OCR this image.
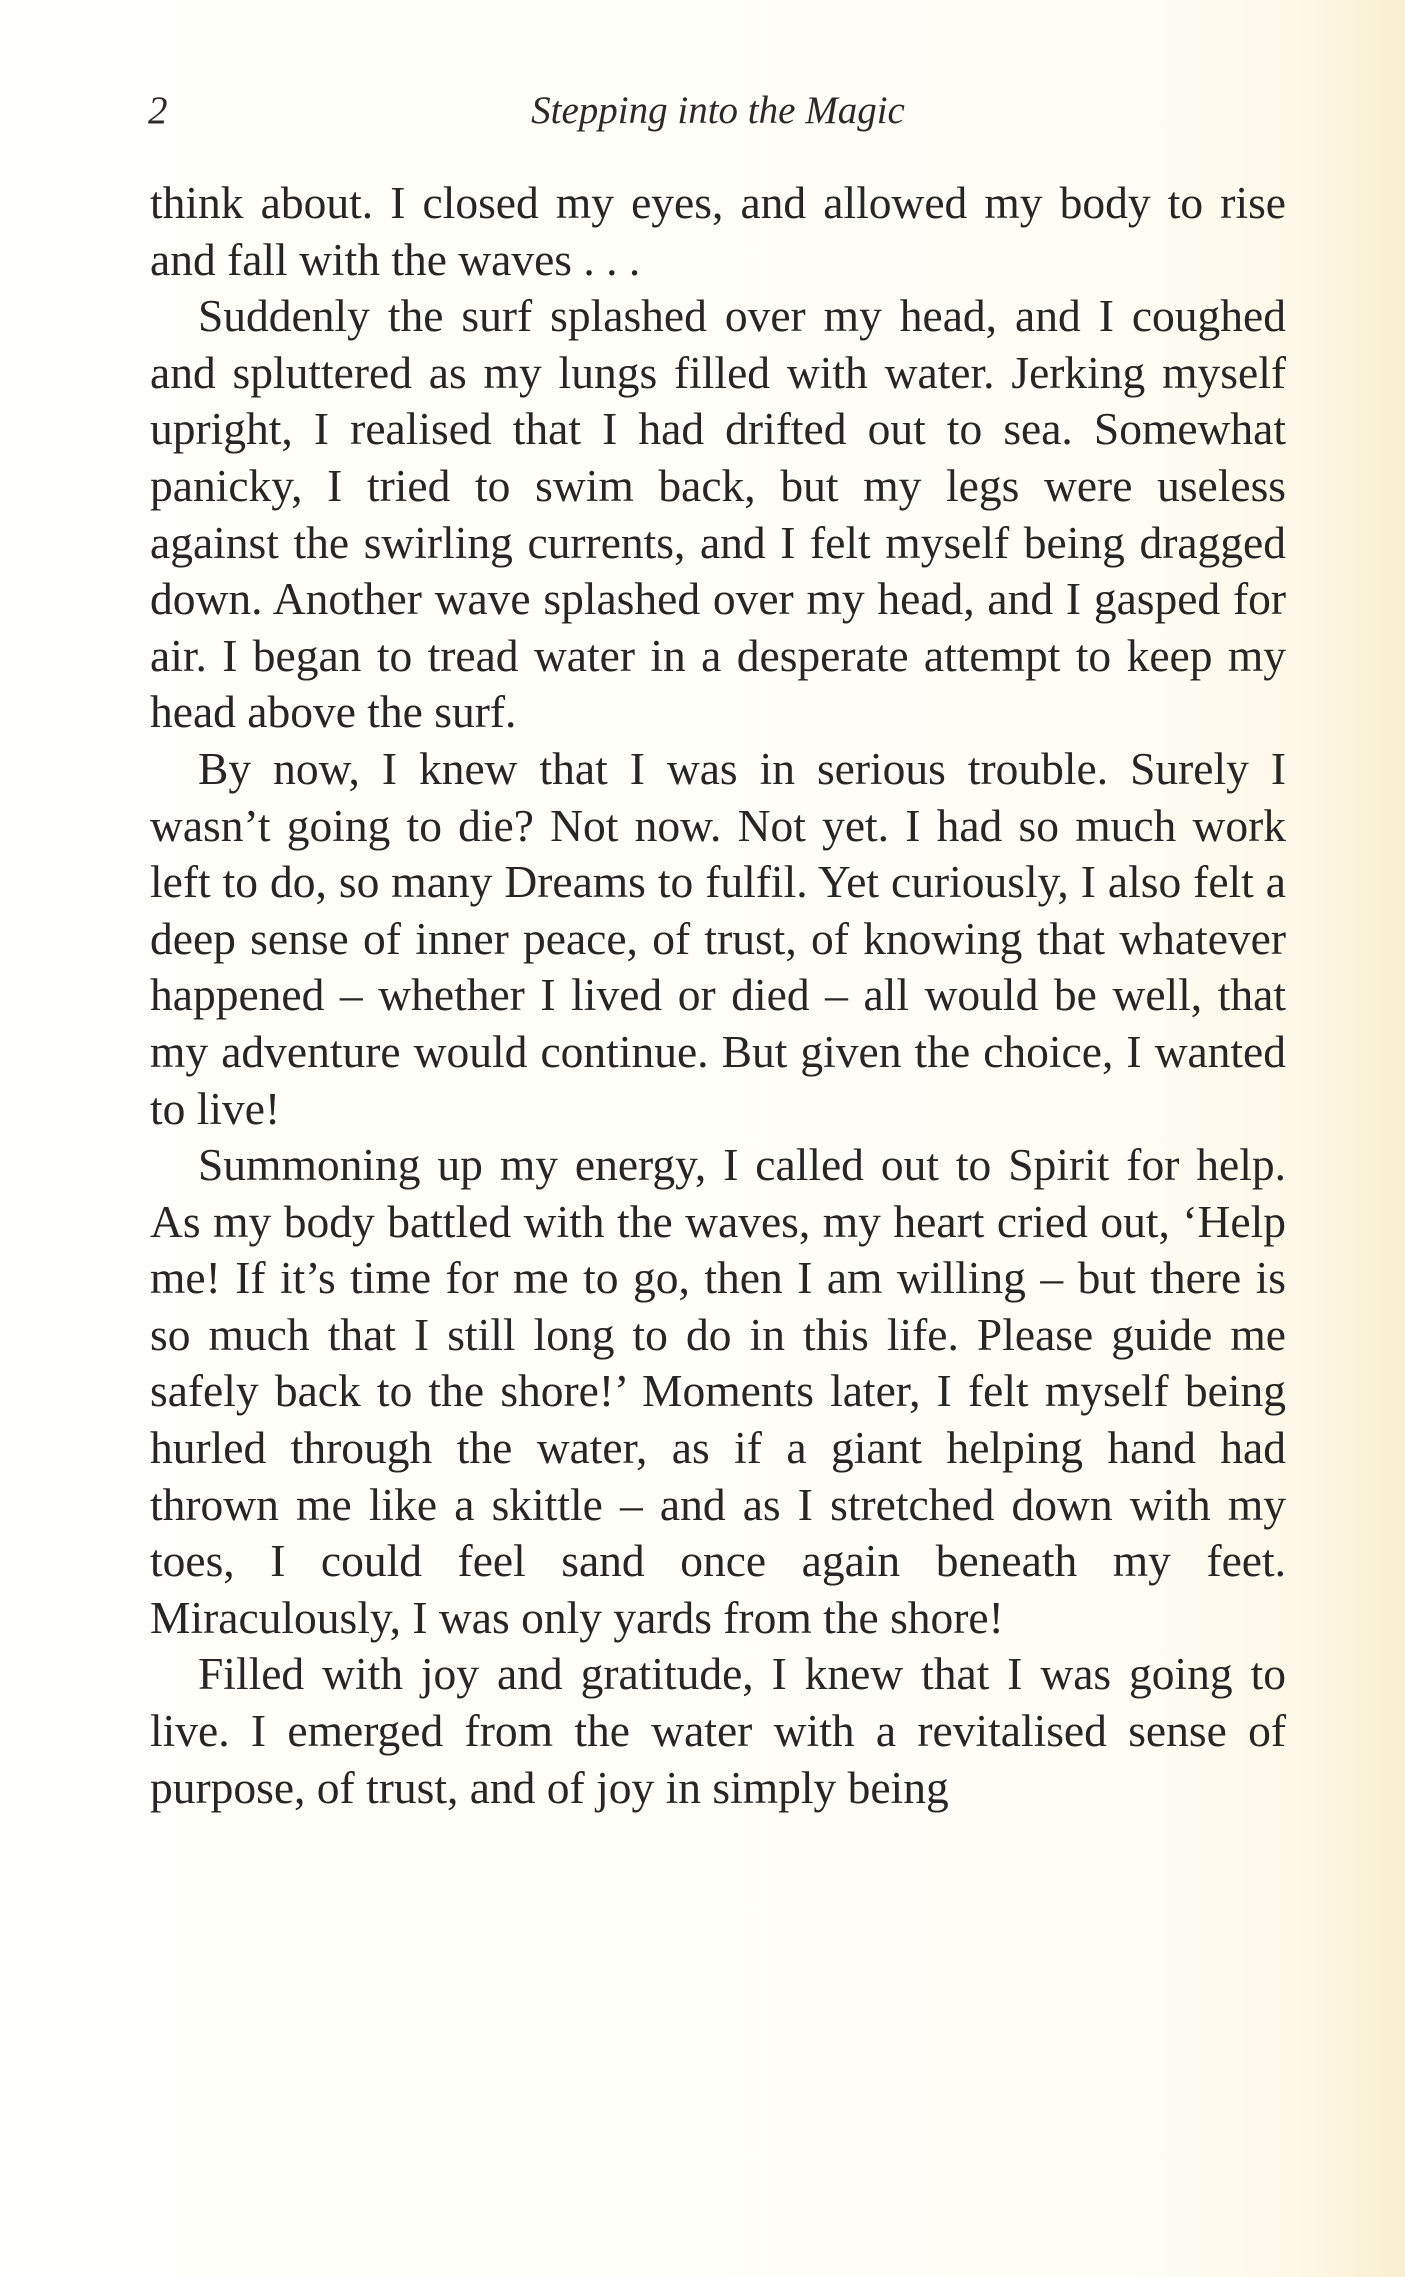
2	Stepping into the Magic

think about. I closed my eyes, and allowed my body to rise and fall with the waves . . .

Suddenly the surf splashed over my head, and I coughed and spluttered as my lungs filled with water. Jerking myself upright, I realised that I had drifted out to sea. Somewhat panicky, I tried to swim back, but my legs were useless against the swirling currents, and I felt myself being dragged down. Another wave splashed over my head, and I gasped for air. I began to tread water in a desperate attempt to keep my head above the surf.

By now, I knew that I was in serious trouble. Surely I wasn’t going to die? Not now. Not yet. I had so much work left to do, so many Dreams to fulfil. Yet curiously, I also felt a deep sense of inner peace, of trust, of knowing that whatever happened – whether I lived or died – all would be well, that my adventure would continue. But given the choice, I wanted to live!

Summoning up my energy, I called out to Spirit for help. As my body battled with the waves, my heart cried out, ‘Help me! If it’s time for me to go, then I am willing – but there is so much that I still long to do in this life. Please guide me safely back to the shore!’ Moments later, I felt myself being hurled through the water, as if a giant helping hand had thrown me like a skittle – and as I stretched down with my toes, I could feel sand once again beneath my feet. Miraculously, I was only yards from the shore!

Filled with joy and gratitude, I knew that I was going to live. I emerged from the water with a revitalised sense of purpose, of trust, and of joy in simply being
